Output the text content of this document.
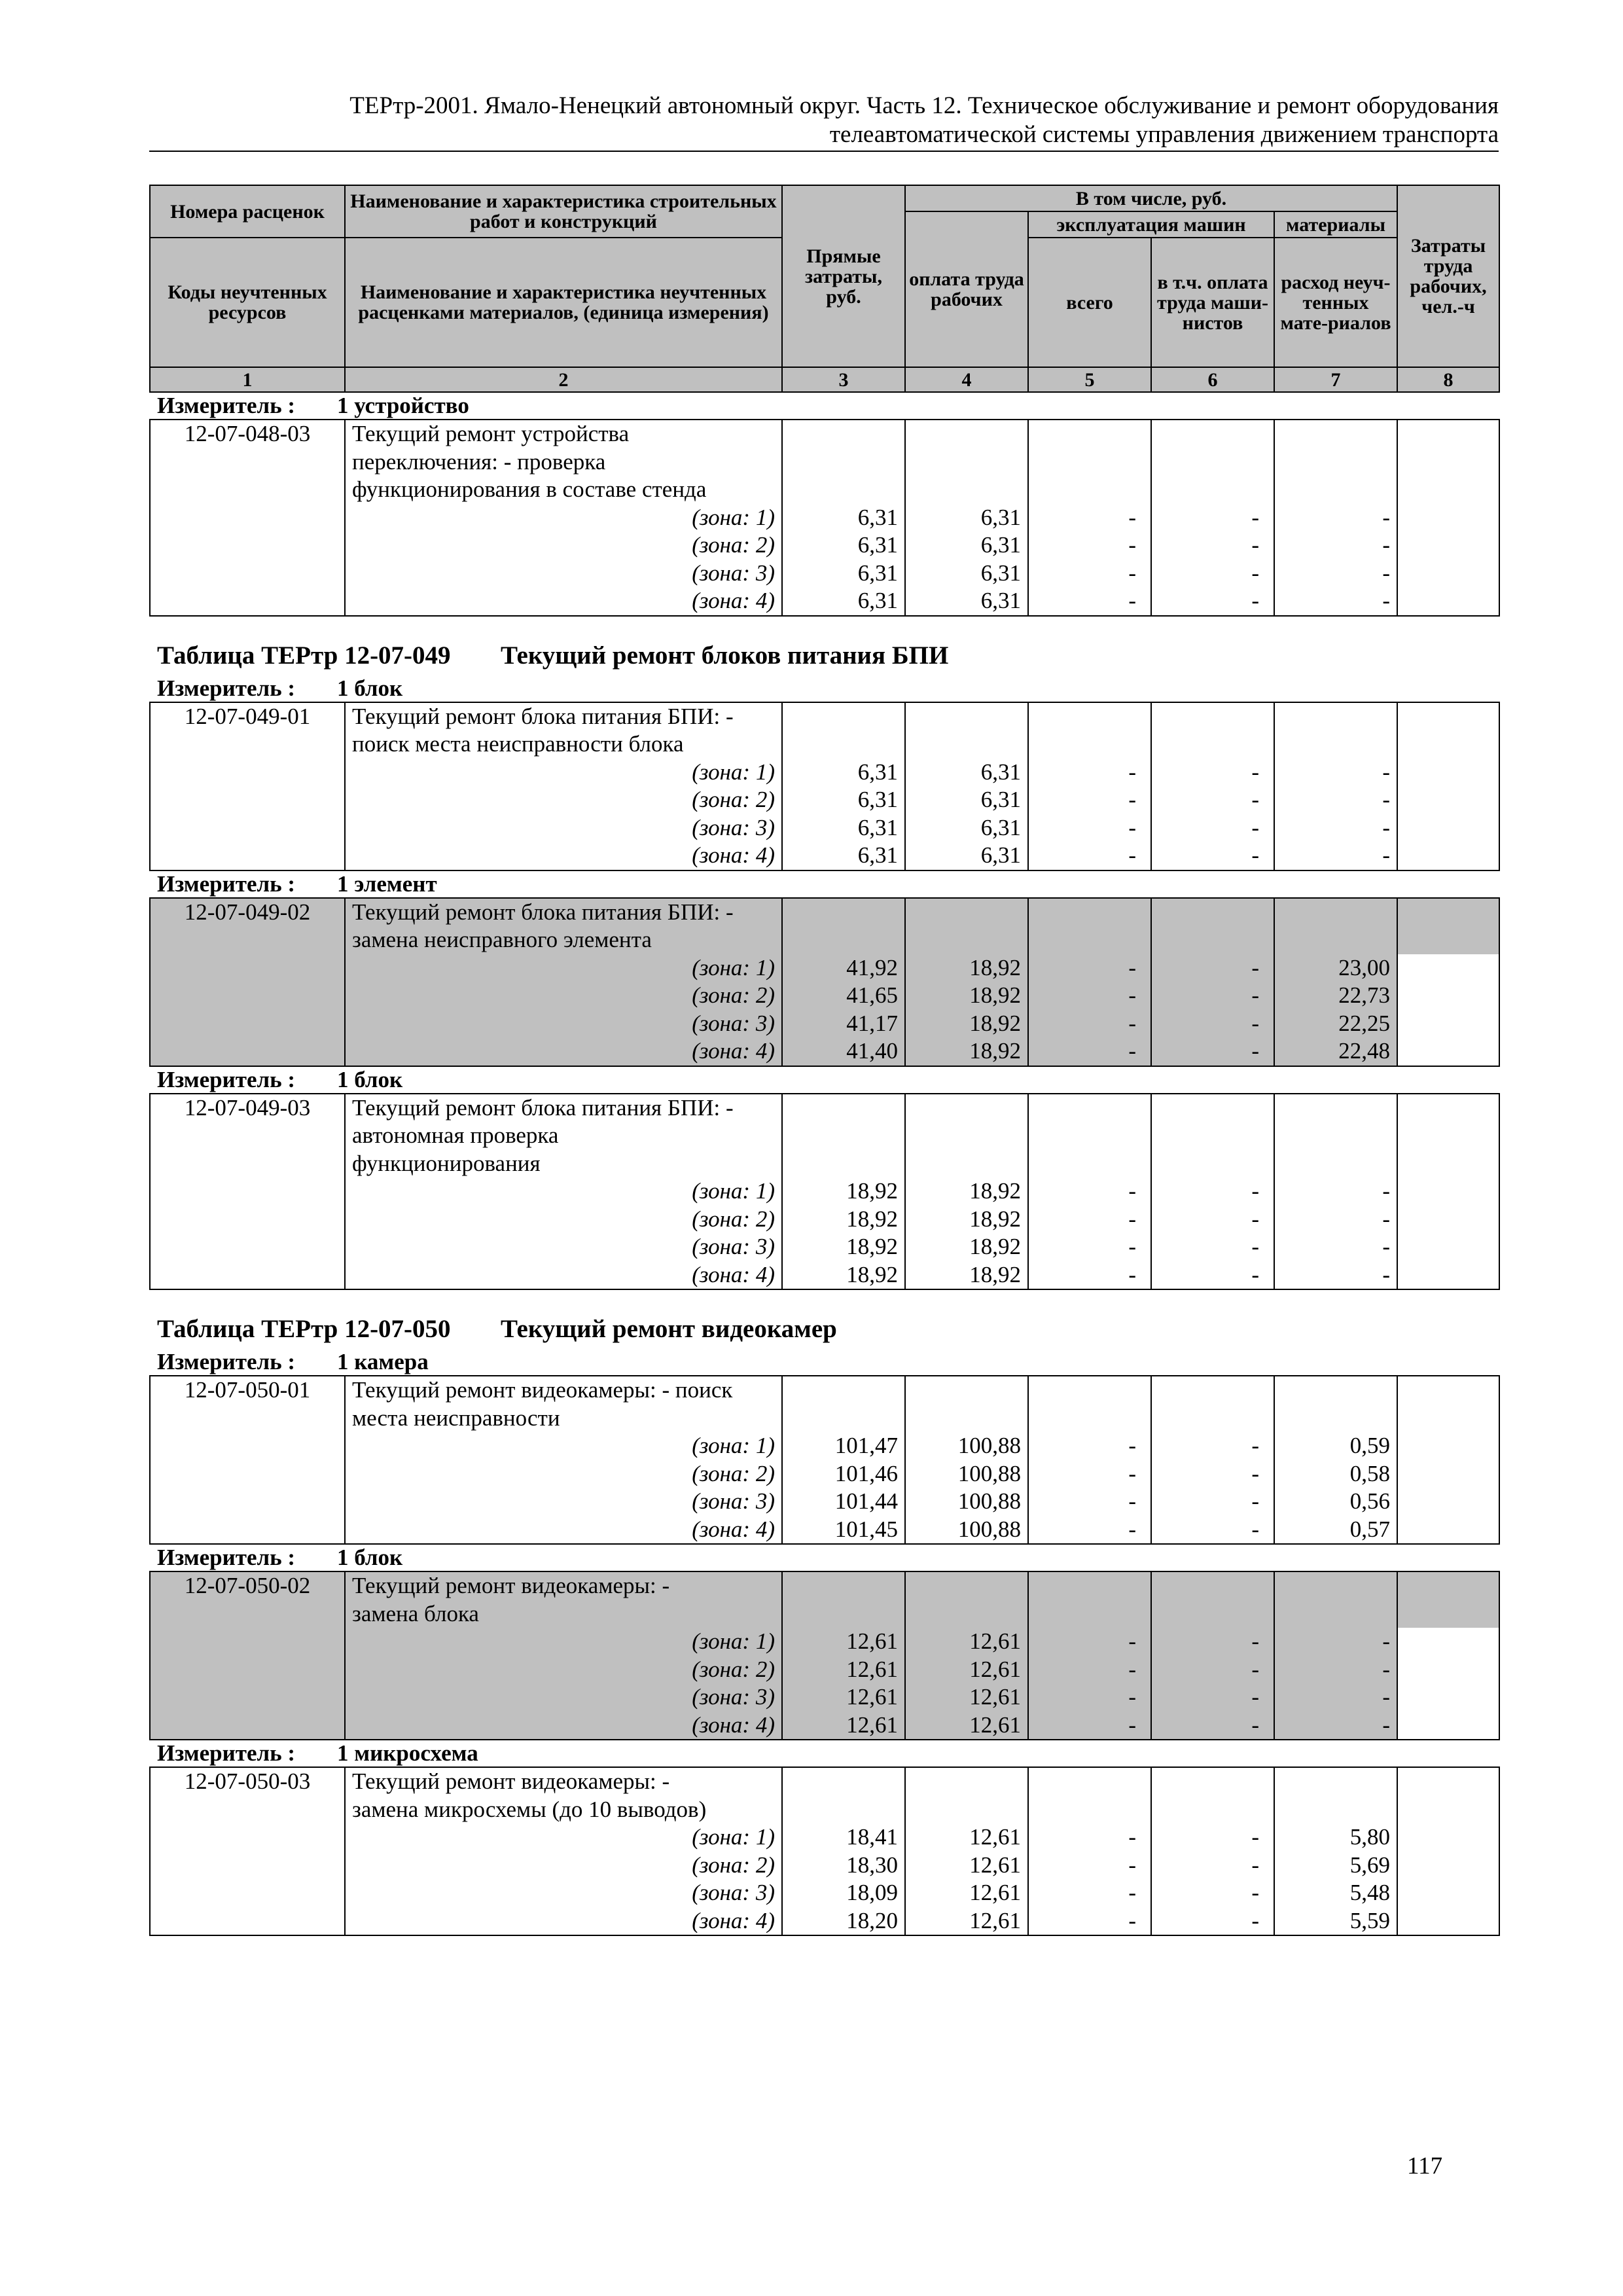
ТЕРтр-2001. Ямало-Ненецкий автономный округ. Часть 12. Техническое обслуживание и ремонт оборудования
телеавтоматической системы управления движением транспорта
Номера расценок	Наименование и характеристика строительных работ и конструкций	Прямые затраты, руб.	В том числе, руб.				Затраты труда рабочих, чел.-ч
			оплата труда рабочих	эксплуатация машин		материалы	
Коды неучтенных ресурсов	Наименование и характеристика неучтенных расценками материалов, (единица измерения)			всего	в т.ч. оплата труда маши-нистов	расход неуч-тенных мате-риалов	
1	2	3	4	5	6	7	8
Измеритель :	1 устройство
12-07-048-03	Текущий ремонт устройства							
	переключения: - проверка							
	функционирования в составе стенда							
	(зона: 1)	6,31	6,31	-	-	-		
	(зона: 2)	6,31	6,31	-	-	-		
	(зона: 3)	6,31	6,31	-	-	-		
	(зона: 4)	6,31	6,31	-	-	-		
Таблица ТЕРтр 12-07-049	Текущий ремонт блоков питания БПИ
Измеритель :	1 блок
12-07-049-01	Текущий ремонт блока питания БПИ: -							
	поиск места неисправности блока							
	(зона: 1)	6,31	6,31	-	-	-		
	(зона: 2)	6,31	6,31	-	-	-		
	(зона: 3)	6,31	6,31	-	-	-		
	(зона: 4)	6,31	6,31	-	-	-		
Измеритель :	1 элемент
12-07-049-02	Текущий ремонт блока питания БПИ: -							
	замена неисправного элемента							
	(зона: 1)	41,92	18,92	-	-	23,00		
	(зона: 2)	41,65	18,92	-	-	22,73		
	(зона: 3)	41,17	18,92	-	-	22,25		
	(зона: 4)	41,40	18,92	-	-	22,48		
Измеритель :	1 блок
12-07-049-03	Текущий ремонт блока питания БПИ: -							
	автономная проверка							
	функционирования							
	(зона: 1)	18,92	18,92	-	-	-		
	(зона: 2)	18,92	18,92	-	-	-		
	(зона: 3)	18,92	18,92	-	-	-		
	(зона: 4)	18,92	18,92	-	-	-		
Таблица ТЕРтр 12-07-050	Текущий ремонт видеокамер
Измеритель :	1 камера
12-07-050-01	Текущий ремонт видеокамеры: - поиск							
	места неисправности							
	(зона: 1)	101,47	100,88	-	-	0,59		
	(зона: 2)	101,46	100,88	-	-	0,58		
	(зона: 3)	101,44	100,88	-	-	0,56		
	(зона: 4)	101,45	100,88	-	-	0,57		
Измеритель :	1 блок
12-07-050-02	Текущий ремонт видеокамеры: -							
	замена блока							
	(зона: 1)	12,61	12,61	-	-	-		
	(зона: 2)	12,61	12,61	-	-	-		
	(зона: 3)	12,61	12,61	-	-	-		
	(зона: 4)	12,61	12,61	-	-	-		
Измеритель :	1 микросхема
12-07-050-03	Текущий ремонт видеокамеры: -							
	замена микросхемы (до 10 выводов)							
	(зона: 1)	18,41	12,61	-	-	5,80		
	(зона: 2)	18,30	12,61	-	-	5,69		
	(зона: 3)	18,09	12,61	-	-	5,48		
	(зона: 4)	18,20	12,61	-	-	5,59		
117
